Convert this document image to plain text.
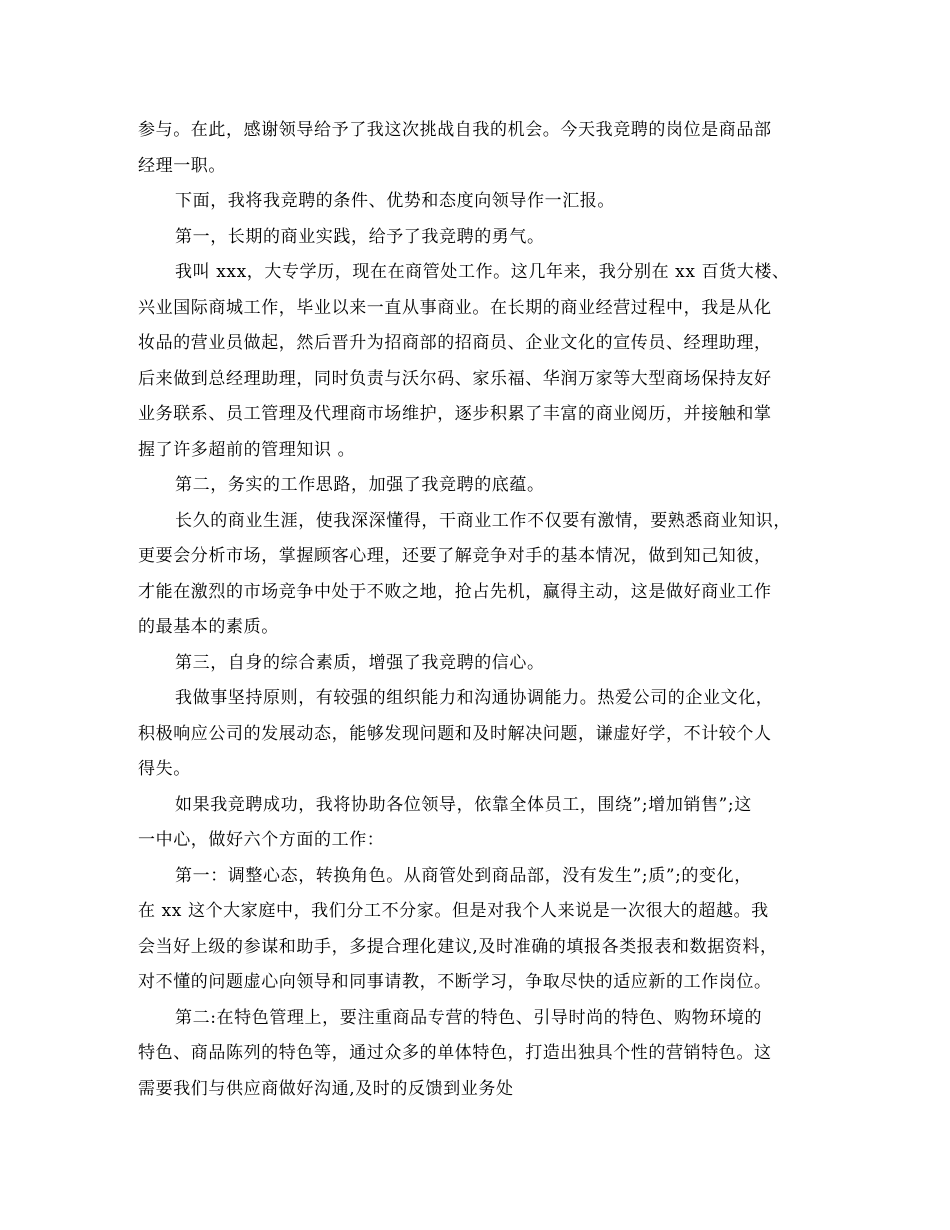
参与。在此，感谢领导给予了我这次挑战自我的机会。今天我竞聘的岗位是商品部
经理一职。
下面，我将我竞聘的条件、优势和态度向领导作一汇报。
第一，长期的商业实践，给予了我竞聘的勇气。
我叫 xxx，大专学历，现在在商管处工作。这几年来，我分别在 xx 百货大楼、
兴业国际商城工作，毕业以来一直从事商业。在长期的商业经营过程中，我是从化
妆品的营业员做起，然后晋升为招商部的招商员、企业文化的宣传员、经理助理，
后来做到总经理助理，同时负责与沃尔码、家乐福、华润万家等大型商场保持友好
业务联系、员工管理及代理商市场维护，逐步积累了丰富的商业阅历，并接触和掌
握了许多超前的管理知识 。
第二，务实的工作思路，加强了我竞聘的底蕴。
长久的商业生涯，使我深深懂得，干商业工作不仅要有激情，要熟悉商业知识，
更要会分析市场，掌握顾客心理，还要了解竞争对手的基本情况，做到知己知彼，
才能在激烈的市场竞争中处于不败之地，抢占先机，赢得主动，这是做好商业工作
的最基本的素质。
第三，自身的综合素质，增强了我竞聘的信心。
我做事坚持原则，有较强的组织能力和沟通协调能力。热爱公司的企业文化，
积极响应公司的发展动态，能够发现问题和及时解决问题，谦虚好学，不计较个人
得失。
如果我竞聘成功，我将协助各位领导，依靠全体员工，围绕”;增加销售”;这
一中心，做好六个方面的工作：
第一：调整心态，转换角色。从商管处到商品部，没有发生”;质”;的变化，
在 xx 这个大家庭中，我们分工不分家。但是对我个人来说是一次很大的超越。我
会当好上级的参谋和助手，多提合理化建议,及时准确的填报各类报表和数据资料，
对不懂的问题虚心向领导和同事请教，不断学习，争取尽快的适应新的工作岗位。
第二:在特色管理上，要注重商品专营的特色、引导时尚的特色、购物环境的
特色、商品陈列的特色等，通过众多的单体特色，打造出独具个性的营销特色。这
需要我们与供应商做好沟通,及时的反馈到业务处
